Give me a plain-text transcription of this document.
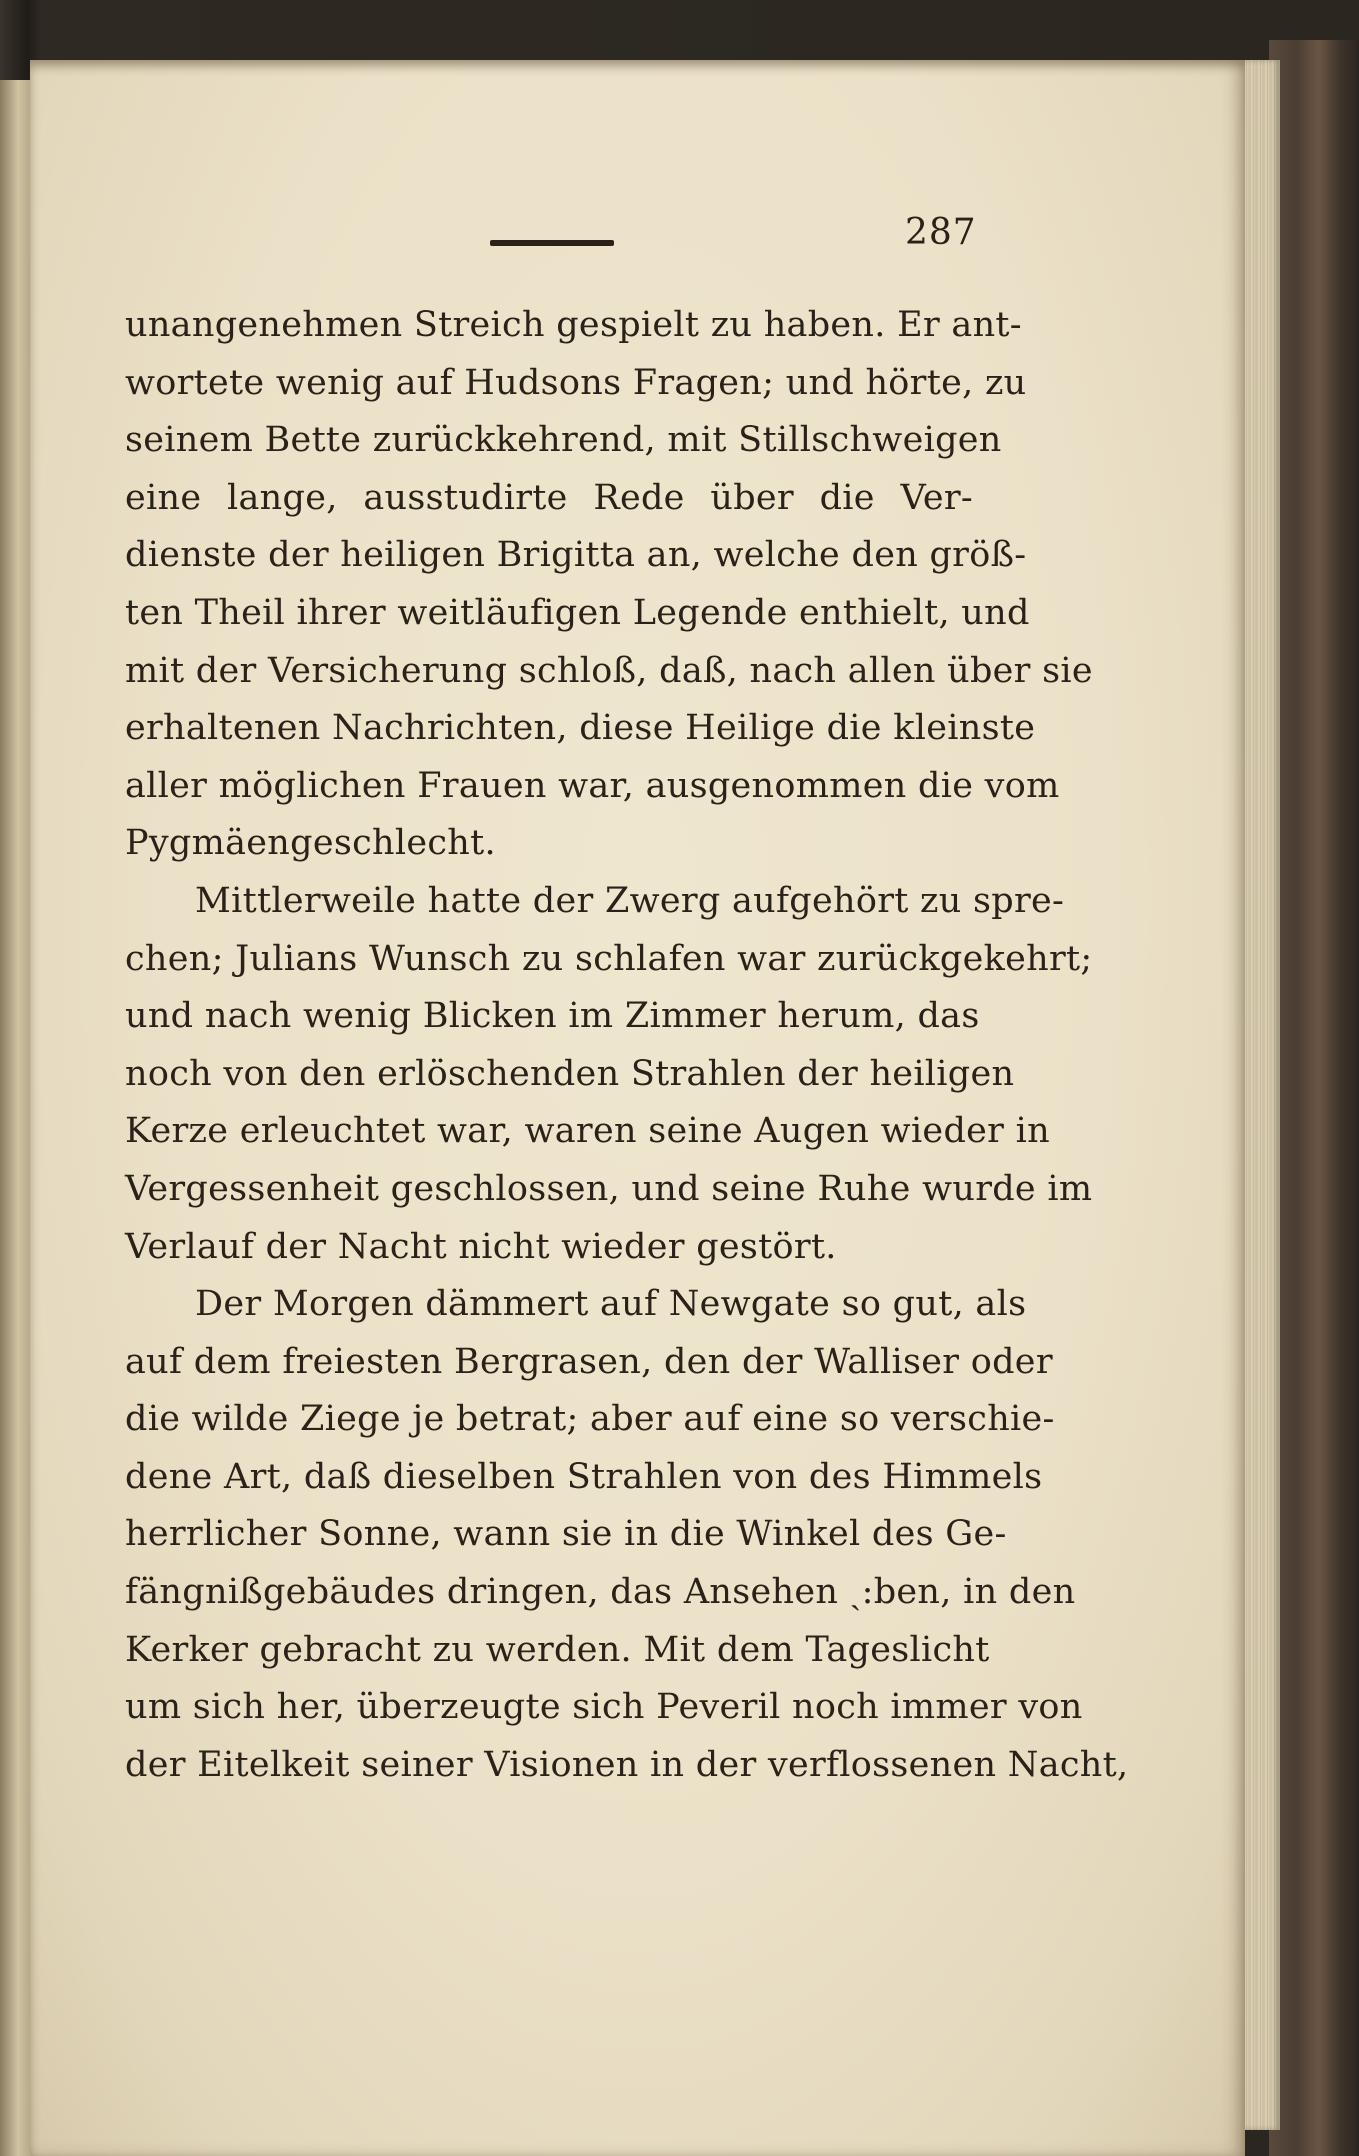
287
unangenehmen Streich gespielt zu haben. Er ant-
wortete wenig auf Hudsons Fragen; und hörte, zu
seinem Bette zurückkehrend, mit Stillschweigen
eine lange, ausstudirte Rede über die Ver-
dienste der heiligen Brigitta an, welche den größ-
ten Theil ihrer weitläufigen Legende enthielt, und
mit der Versicherung schloß, daß, nach allen über sie
erhaltenen Nachrichten, diese Heilige die kleinste
aller möglichen Frauen war, ausgenommen die vom
Pygmäengeschlecht.
Mittlerweile hatte der Zwerg aufgehört zu spre-
chen; Julians Wunsch zu schlafen war zurückgekehrt;
und nach wenig Blicken im Zimmer herum, das
noch von den erlöschenden Strahlen der heiligen
Kerze erleuchtet war, waren seine Augen wieder in
Vergessenheit geschlossen, und seine Ruhe wurde im
Verlauf der Nacht nicht wieder gestört.
Der Morgen dämmert auf Newgate so gut, als
auf dem freiesten Bergrasen, den der Walliser oder
die wilde Ziege je betrat; aber auf eine so verschie-
dene Art, daß dieselben Strahlen von des Himmels
herrlicher Sonne, wann sie in die Winkel des Ge-
fängnißgebäudes dringen, das Ansehen ˏ:ben, in den
Kerker gebracht zu werden. Mit dem Tageslicht
um sich her, überzeugte sich Peveril noch immer von
der Eitelkeit seiner Visionen in der verflossenen Nacht,
